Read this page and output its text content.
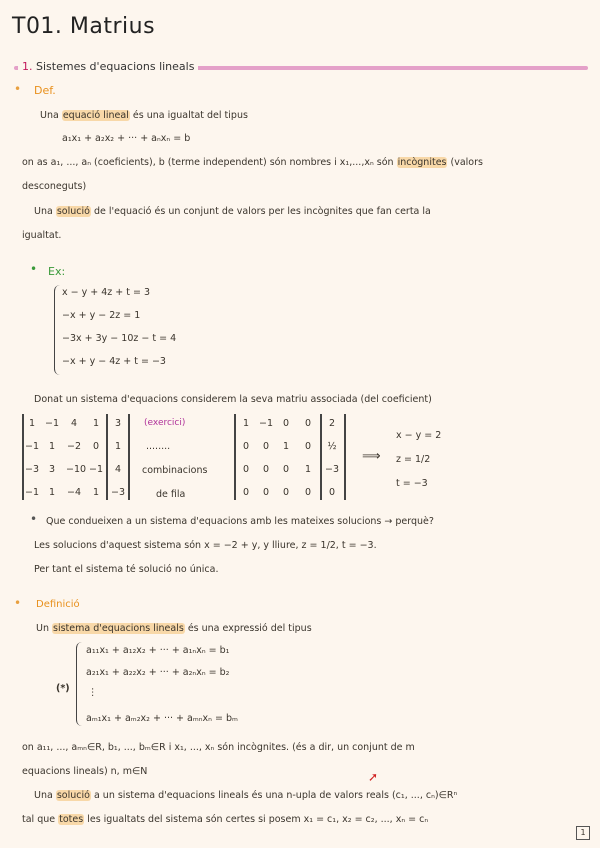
T01. Matrius
1. Sistemes d'equacions lineals
• Def.
Una equació lineal és una igualtat del tipus
a₁x₁ + a₂x₂ + ··· + aₙxₙ = b
on as a₁, ..., aₙ (coeficients), b (terme independent) són nombres i x₁,...,xₙ són incògnites (valors
desconeguts)
Una solució de l'equació és un conjunt de valors per les incògnites que fan certa la
igualtat.
• Ex:
x − y + 4z + t = 3
−x + y − 2z = 1
−3x + 3y − 10z − t = 4
−x + y − 4z + t = −3
Donat un sistema d'equacions considerem la seva matriu associada (del coeficient)
1	−1	4	1	3
−1	1	−2	0	1
−3	3	−10 −1	4
−1	1	−4	1	−3
(exercici)
........
combinacions
de fila
1	−1	0	0	2
0	0	1	0	½
0	0	0	1	−3
0	0	0	0	0
⟹
x − y = 2
z = 1/2
t = −3
• Que condueixen a un sistema d'equacions amb les mateixes solucions → perquè?
Les solucions d'aquest sistema són x = −2 + y, y lliure, z = 1/2, t = −3.
Per tant el sistema té solució no única.
• Definició
Un sistema d'equacions lineals és una expressió del tipus
(*)
a₁₁x₁ + a₁₂x₂ + ··· + a₁ₙxₙ = b₁
a₂₁x₁ + a₂₂x₂ + ··· + a₂ₙxₙ = b₂
⋮
aₘ₁x₁ + aₘ₂x₂ + ··· + aₘₙxₙ = bₘ
on a₁₁, ..., aₘₙ∈R, b₁, ..., bₘ∈R i x₁, ..., xₙ són incògnites. (és a dir, un conjunt de m
equacions lineals) n, m∈N	➚
Una solució a un sistema d'equacions lineals és una n-upla de valors reals (c₁, ..., cₙ)∈Rⁿ
tal que totes les igualtats del sistema són certes si posem x₁ = c₁, x₂ = c₂, ..., xₙ = cₙ
1
